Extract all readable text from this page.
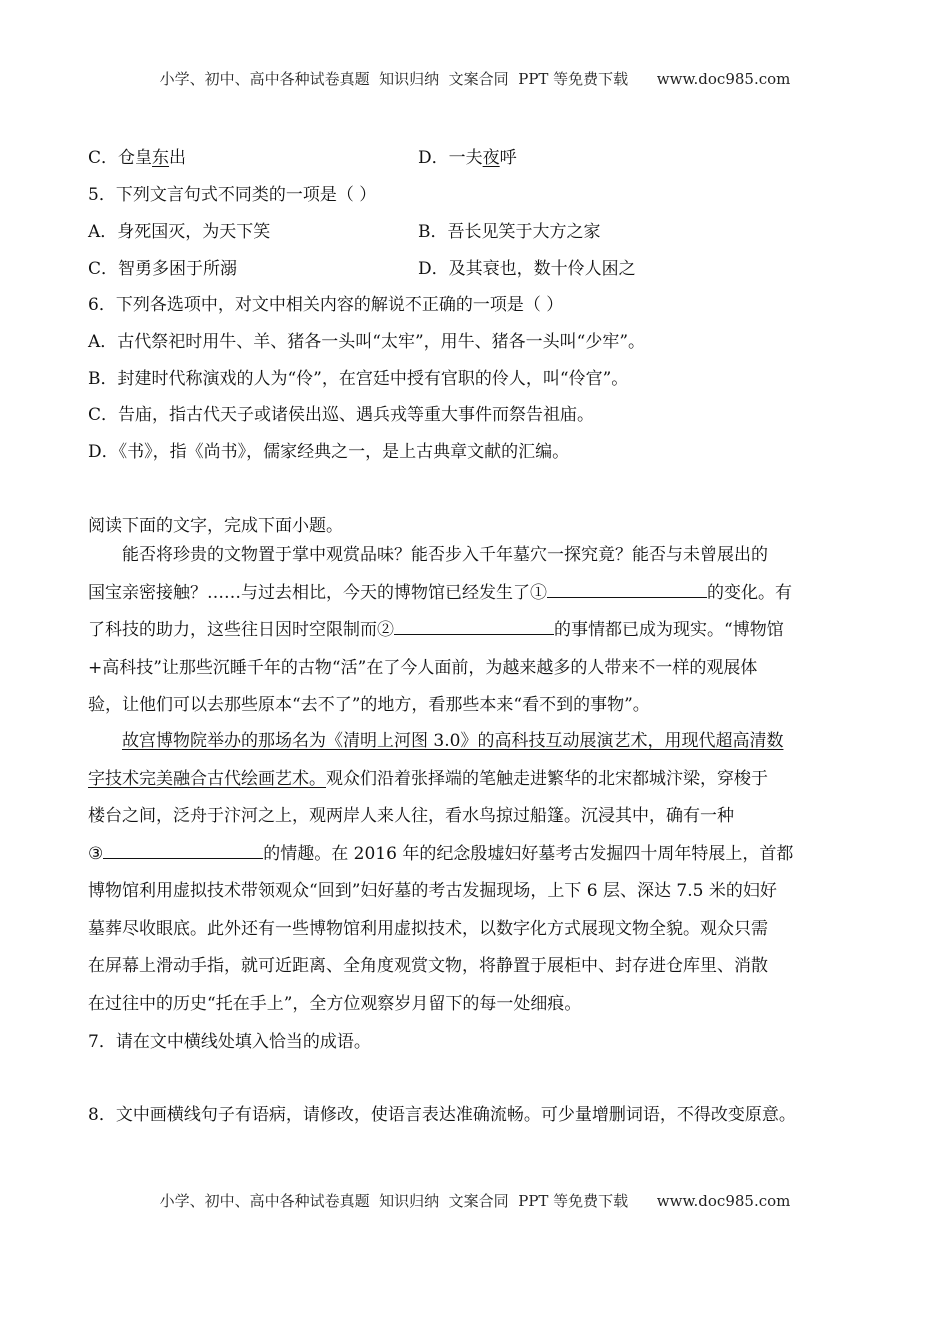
小学、初中、高中各种试卷真题  知识归纳  文案合同  PPT 等免费下载      www.doc985.com
C．仓皇东出	D．一夫夜呼
5．下列文言句式不同类的一项是（ ）
A．身死国灭，为天下笑	B．吾长见笑于大方之家
C．智勇多困于所溺	D．及其衰也，数十伶人困之
6．下列各选项中，对文中相关内容的解说不正确的一项是（ ）
A．古代祭祀时用牛、羊、猪各一头叫“太牢”，用牛、猪各一头叫“少牢”。
B．封建时代称演戏的人为“伶”，在宫廷中授有官职的伶人，叫“伶官”。
C．告庙，指古代天子或诸侯出巡、遇兵戎等重大事件而祭告祖庙。
D．《书》，指《尚书》，儒家经典之一，是上古典章文献的汇编。
阅读下面的文字，完成下面小题。
能否将珍贵的文物置于掌中观赏品味？能否步入千年墓穴一探究竟？能否与未曾展出的
国宝亲密接触？……与过去相比，今天的博物馆已经发生了①	的变化。有
了科技的助力，这些往日因时空限制而②	的事情都已成为现实。“博物馆
+高科技”让那些沉睡千年的古物“活”在了今人面前，为越来越多的人带来不一样的观展体
验，让他们可以去那些原本“去不了”的地方，看那些本来“看不到的事物”。
故宫博物院举办的那场名为《清明上河图 3.0》的高科技互动展演艺术，用现代超高清数
字技术完美融合古代绘画艺术。观众们沿着张择端的笔触走进繁华的北宋都城汴梁，穿梭于
楼台之间，泛舟于汴河之上，观两岸人来人往，看水鸟掠过船篷。沉浸其中，确有一种
③	的情趣。在 2016 年的纪念殷墟妇好墓考古发掘四十周年特展上，首都
博物馆利用虚拟技术带领观众“回到”妇好墓的考古发掘现场，上下 6 层、深达 7.5 米的妇好
墓葬尽收眼底。此外还有一些博物馆利用虚拟技术，以数字化方式展现文物全貌。观众只需
在屏幕上滑动手指，就可近距离、全角度观赏文物，将静置于展柜中、封存进仓库里、消散
在过往中的历史“托在手上”，全方位观察岁月留下的每一处细痕。
7．请在文中横线处填入恰当的成语。
8．文中画横线句子有语病，请修改，使语言表达准确流畅。可少量增删词语，不得改变原意。
小学、初中、高中各种试卷真题  知识归纳  文案合同  PPT 等免费下载      www.doc985.com
